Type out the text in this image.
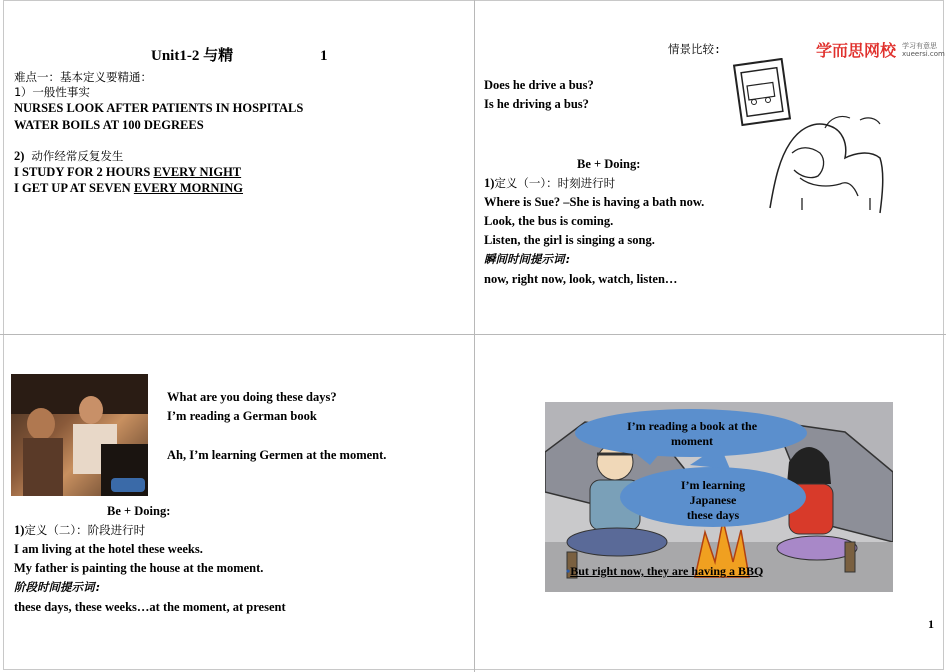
Unit1-2 与精	1
难点一：基本定义要精通：
1）一般性事实
NURSES LOOK AFTER PATIENTS IN HOSPITALS
WATER BOILS AT 100 DEGREES
2) 动作经常反复发生
I STUDY FOR 2 HOURS EVERY NIGHT
I GET UP AT SEVEN EVERY MORNING
情景比较:	学而思网校 学习有意思
xueersi.com
Does he drive a bus?
Is he driving a bus?
Be + Doing:
1)定义（一）：时刻进行时
Where is Sue? –She is having a bath now.
Look, the bus is coming.
Listen, the girl is singing a song.
瞬间时间提示词:
now, right now, look, watch, listen…
What are you doing these days?
I’m reading a German book
Ah, I’m learning Germen at the moment.
Be + Doing:
1)定义（二）：阶段进行时
I am living at the hotel these weeks.
My father is painting the house at the moment.
阶段时间提示词:
these days, these weeks…at the moment, at present
I’m reading a book at the moment
I’m learning
Japanese
these days
•But right now, they are having a BBQ
1
